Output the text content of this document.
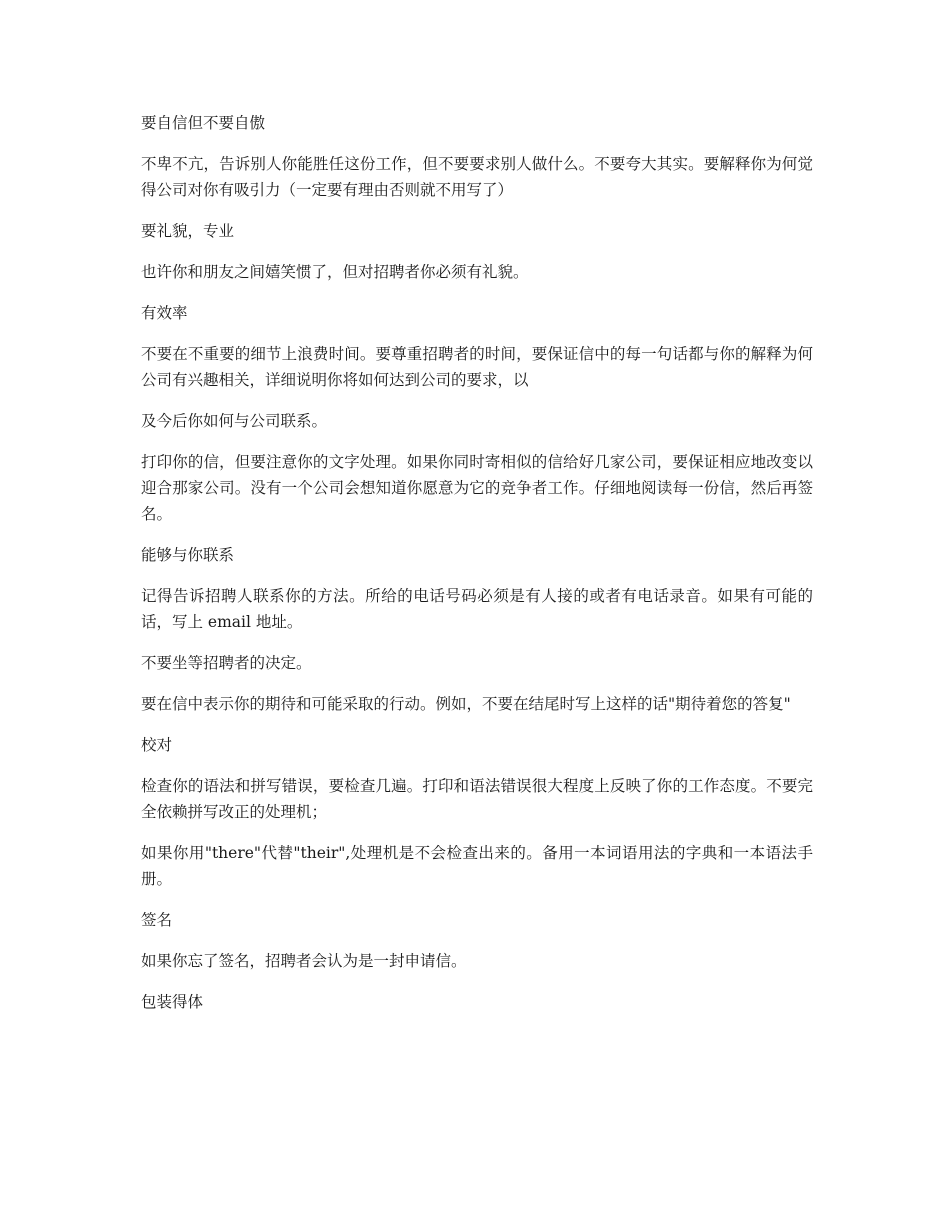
要自信但不要自傲

不卑不亢，告诉别人你能胜任这份工作，但不要要求别人做什么。不要夸大其实。要解释你为何觉得公司对你有吸引力（一定要有理由否则就不用写了）

要礼貌，专业

也许你和朋友之间嬉笑惯了，但对招聘者你必须有礼貌。

有效率

不要在不重要的细节上浪费时间。要尊重招聘者的时间，要保证信中的每一句话都与你的解释为何公司有兴趣相关，详细说明你将如何达到公司的要求，以

及今后你如何与公司联系。

打印你的信，但要注意你的文字处理。如果你同时寄相似的信给好几家公司，要保证相应地改变以迎合那家公司。没有一个公司会想知道你愿意为它的竞争者工作。仔细地阅读每一份信，然后再签名。

能够与你联系

记得告诉招聘人联系你的方法。所给的电话号码必须是有人接的或者有电话录音。如果有可能的话，写上 email 地址。

不要坐等招聘者的决定。

要在信中表示你的期待和可能采取的行动。例如，不要在结尾时写上这样的话"期待着您的答复"

校对

检查你的语法和拼写错误，要检查几遍。打印和语法错误很大程度上反映了你的工作态度。不要完全依赖拼写改正的处理机；

如果你用"there"代替"their",处理机是不会检查出来的。备用一本词语用法的字典和一本语法手册。

签名

如果你忘了签名，招聘者会认为是一封申请信。

包装得体
